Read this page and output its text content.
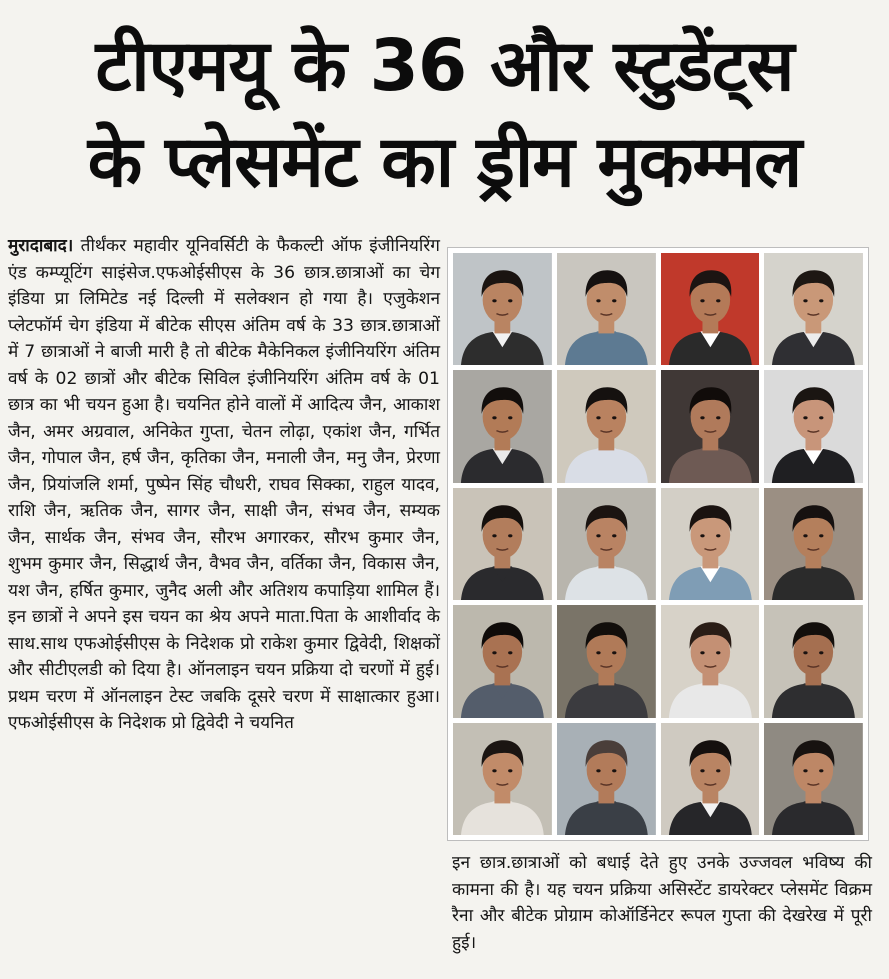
टीएमयू के 36 और स्टुडेंट्स
के प्लेसमेंट का ड्रीम मुकम्मल
मुरादाबाद। तीर्थंकर महावीर यूनिवर्सिटी के फैकल्टी ऑफ इंजीनियरिंग एंड कम्प्यूटिंग साइंसेज.एफओईसीएस के 36 छात्र.छात्राओं का चेग इंडिया प्रा लिमिटेड नई दिल्ली में सलेक्शन हो गया है। एजुकेशन प्लेटफॉर्म चेग इंडिया में बीटेक सीएस अंतिम वर्ष के 33 छात्र.छात्राओं में 7 छात्राओं ने बाजी मारी है तो बीटेक मैकेनिकल इंजीनियरिंग अंतिम वर्ष के 02 छात्रों और बीटेक सिविल इंजीनियरिंग अंतिम वर्ष के 01 छात्र का भी चयन हुआ है। चयनित होने वालों में आदित्य जैन, आकाश जैन, अमर अग्रवाल, अनिकेत गुप्ता, चेतन लोढ़ा, एकांश जैन, गर्भित जैन, गोपाल जैन, हर्ष जैन, कृतिका जैन, मनाली जैन, मनु जैन, प्रेरणा जैन, प्रियांजलि शर्मा, पुष्पेन सिंह चौधरी, राघव सिक्का, राहुल यादव, राशि जैन, ऋतिक जैन, सागर जैन, साक्षी जैन, संभव जैन, सम्यक जैन, सार्थक जैन, संभव जैन, सौरभ अगारकर, सौरभ कुमार जैन, शुभम कुमार जैन, सिद्धार्थ जैन, वैभव जैन, वर्तिका जैन, विकास जैन, यश जैन, हर्षित कुमार, जुनैद अली और अतिशय कपाड़िया शामिल हैं। इन छात्रों ने अपने इस चयन का श्रेय अपने माता.पिता के आशीर्वाद के साथ.साथ एफओईसीएस के निदेशक प्रो राकेश कुमार द्विवेदी, शिक्षकों और सीटीएलडी को दिया है। ऑनलाइन चयन प्रक्रिया दो चरणों में हुई। प्रथम चरण में ऑनलाइन टेस्ट जबकि दूसरे चरण में साक्षात्कार हुआ। एफओईसीएस के निदेशक प्रो द्विवेदी ने चयनित
इन छात्र.छात्राओं को बधाई देते हुए उनके उज्जवल भविष्य की कामना की है। यह चयन प्रक्रिया असिस्टेंट डायरेक्टर प्लेसमेंट विक्रम रैना और बीटेक प्रोग्राम कोऑर्डिनेटर रूपल गुप्ता की देखरेख में पूरी हुई।
